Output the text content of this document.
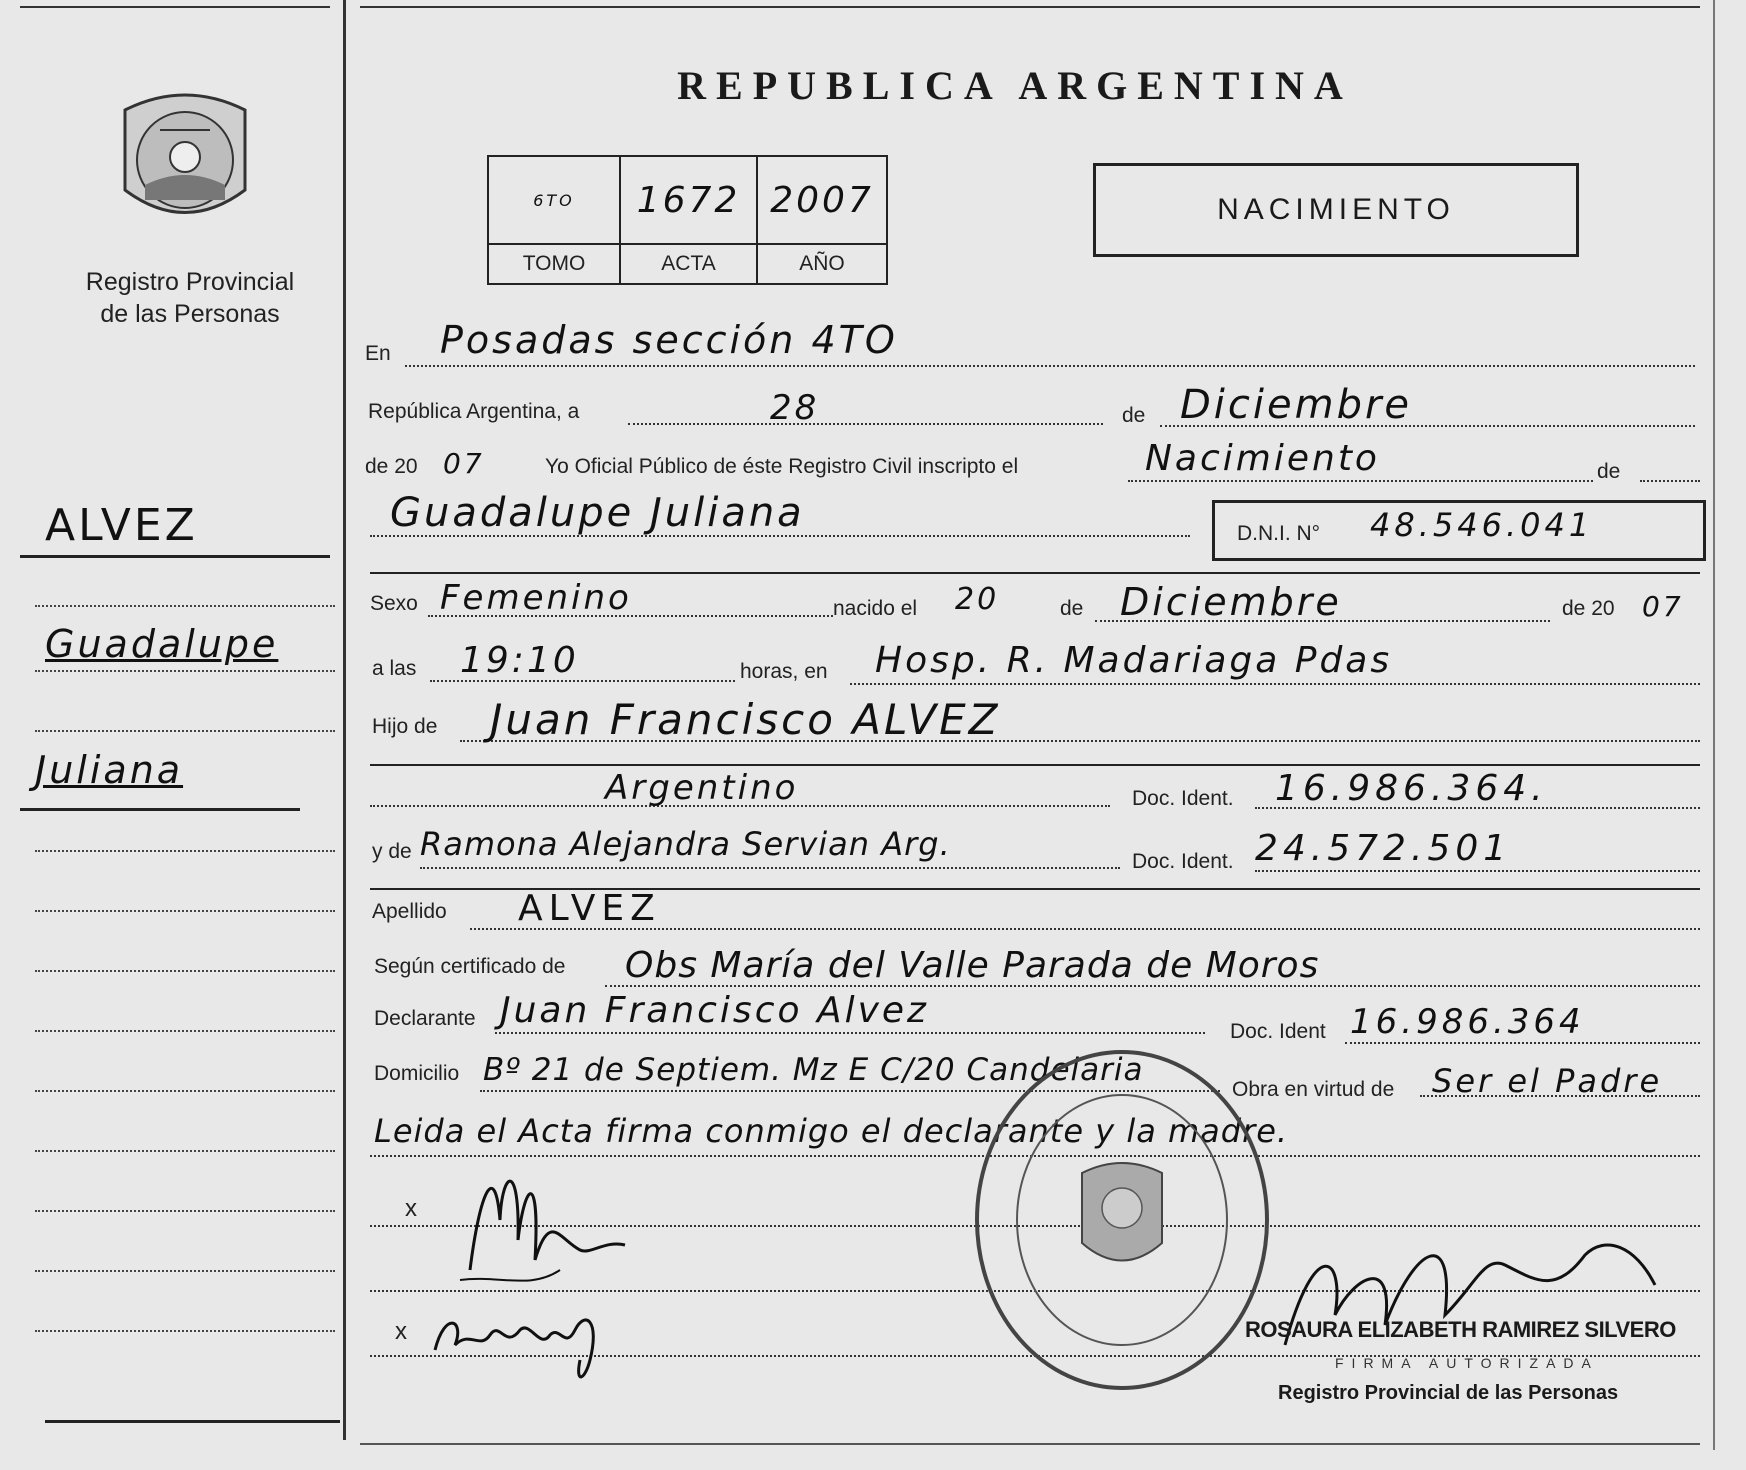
Registro Provincial
de las Personas
ALVEZ
Guadalupe
Juliana
REPUBLICA ARGENTINA
6TO	1672	2007
TOMO	ACTA	AÑO
NACIMIENTO
En Posadas sección 4TO
República Argentina, a	28	de Diciembre
de 20 07	Yo Oficial Público de éste Registro Civil inscripto el	Nacimiento	de
Guadalupe Juliana	D.N.I. N° 48.546.041
Sexo Femenino	nacido el 20	de Diciembre	de 20 07
a las 19:10	horas, en Hosp. R. Madariaga Pdas
Hijo de Juan Francisco ALVEZ
Argentino	Doc. Ident. 16.986.364.
y de Ramona Alejandra Servian Arg.	Doc. Ident. 24.572.501
Apellido ALVEZ
Según certificado de Obs María del Valle Parada de Moros
Declarante Juan Francisco Alvez
Doc. Ident 16.986.364
Domicilio Bº 21 de Septiem. Mz E C/20 Candelaria
Obra en virtud de Ser el Padre
Leida el Acta firma conmigo el declarante y la madre.
x
x	ROSAURA ELIZABETH RAMIREZ SILVERO
FIRMA AUTORIZADA
Registro Provincial de las Personas
